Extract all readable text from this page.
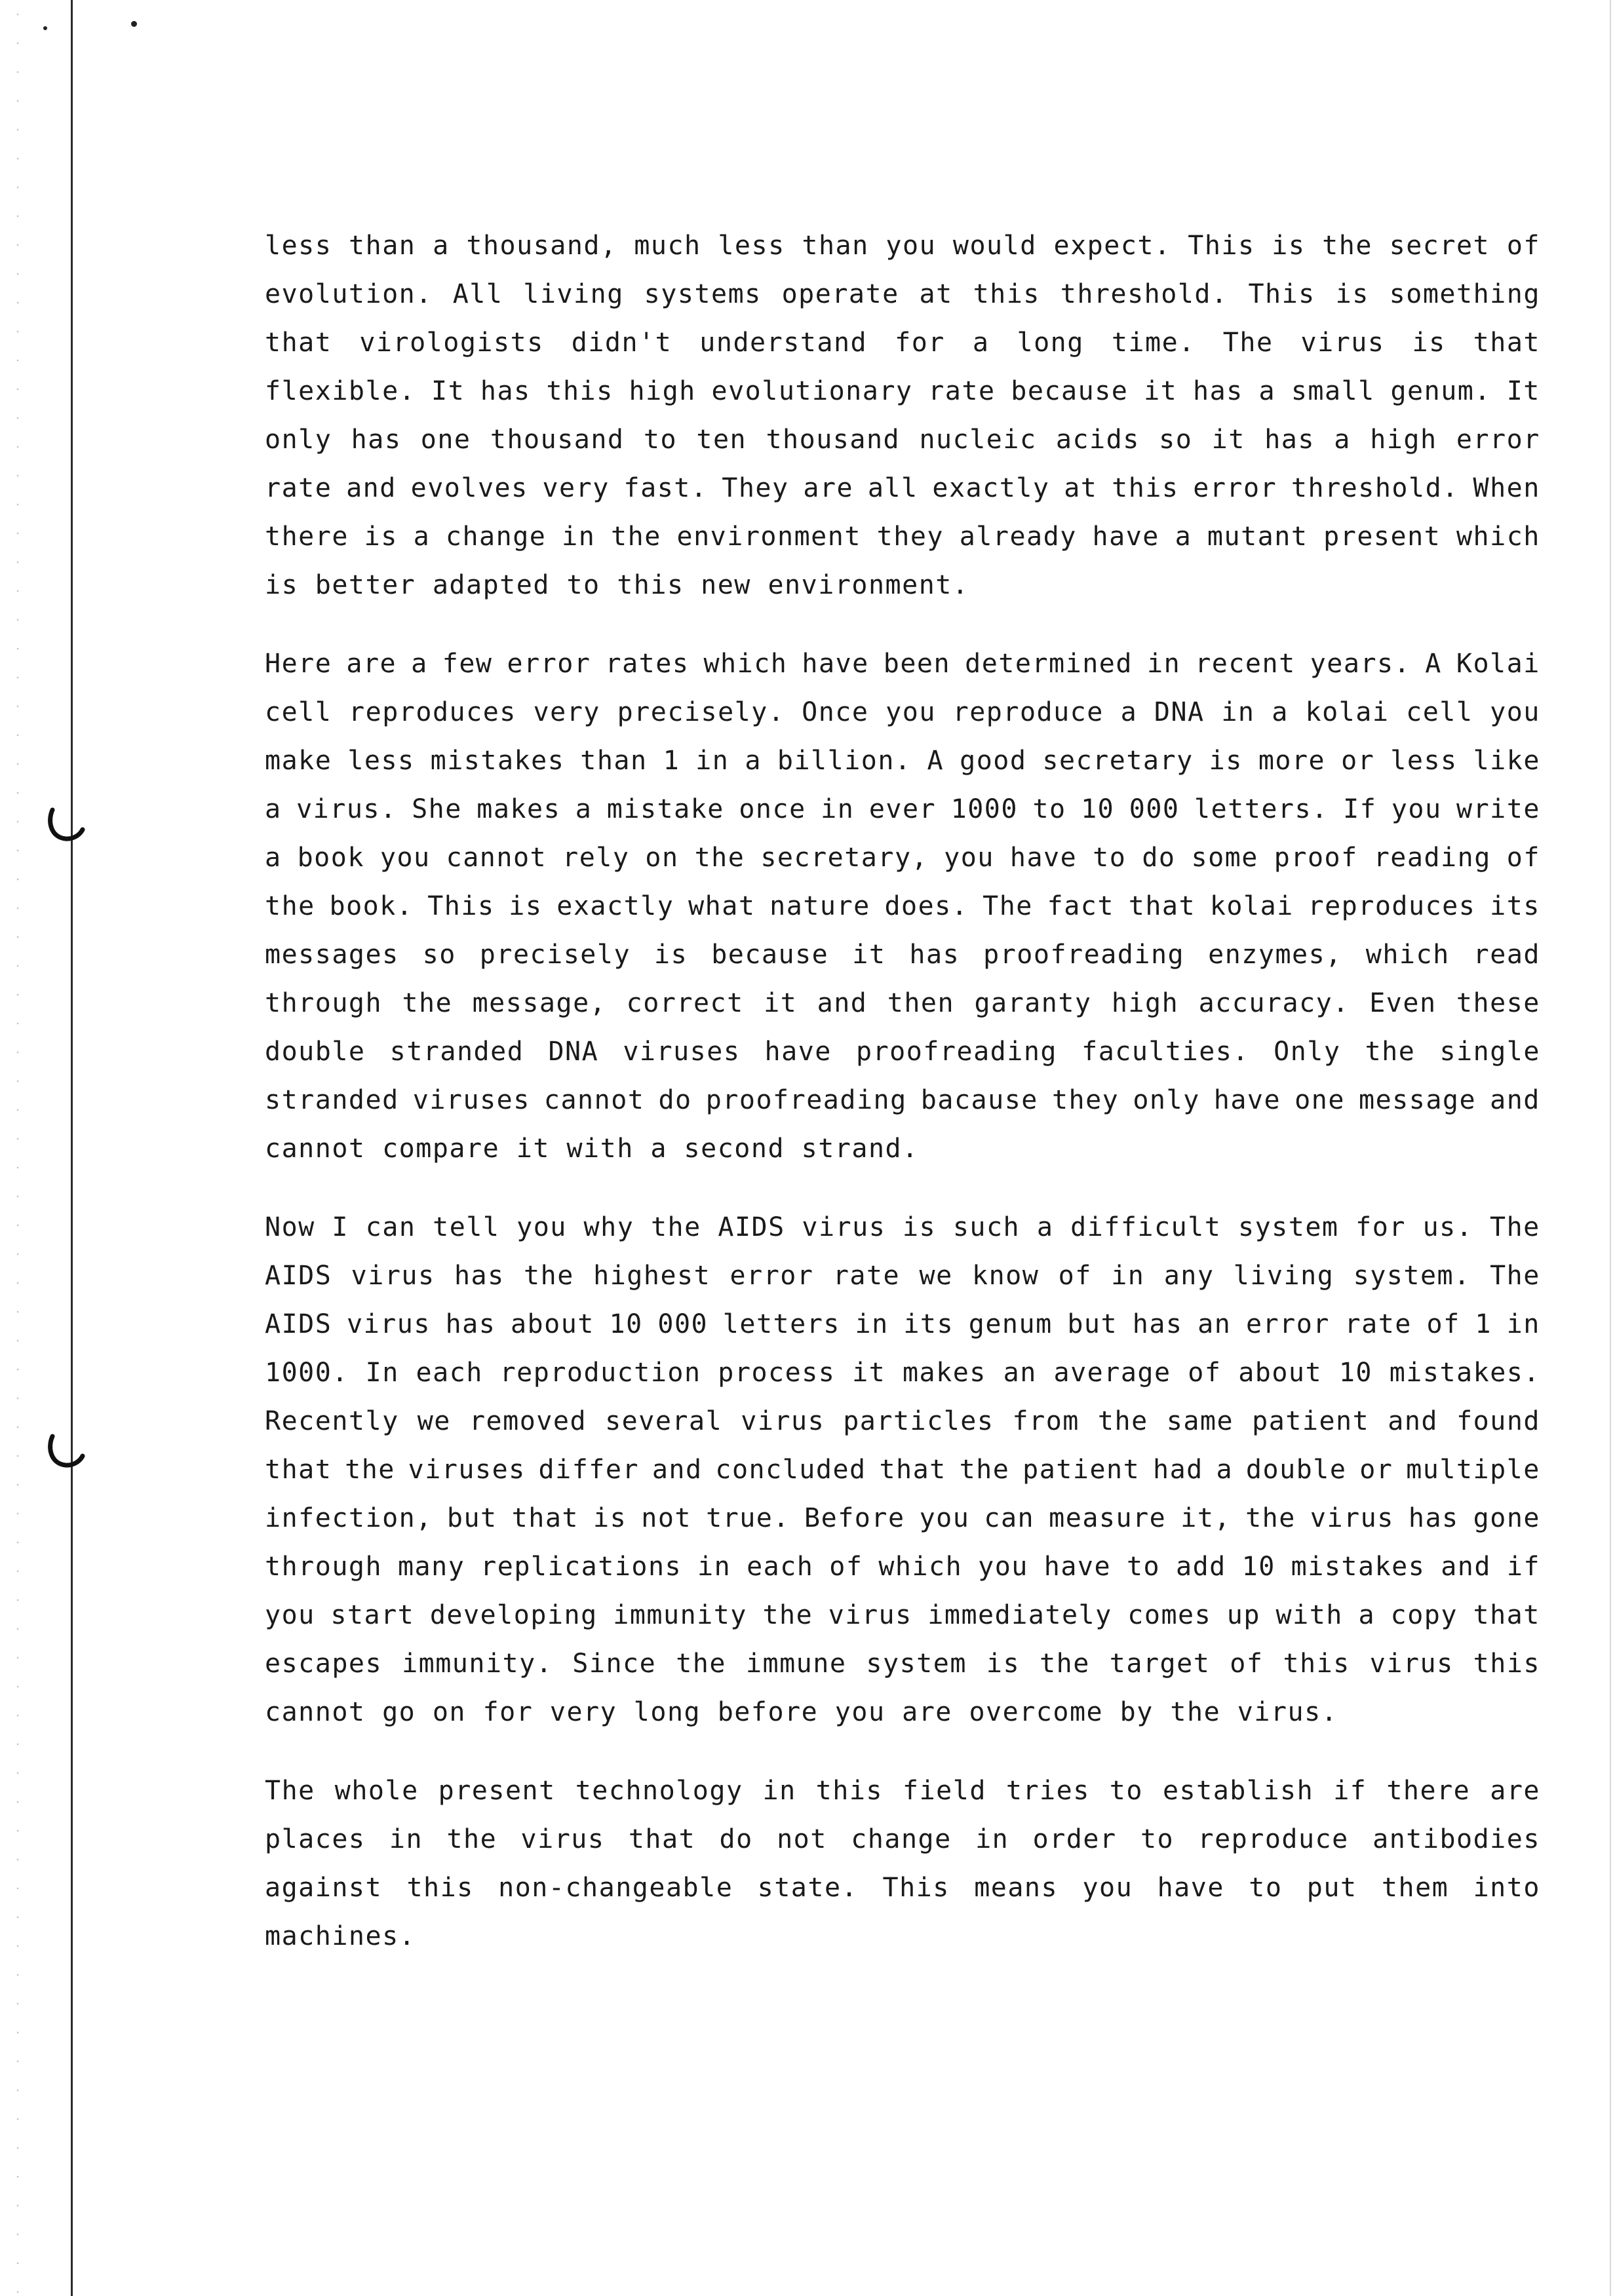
less than a thousand, much less than you would expect. This is the secret of
evolution. All living systems operate at this threshold. This is something
that virologists didn't understand for a long time. The virus is that
flexible. It has this high evolutionary rate because it has a small genum. It
only has one thousand to ten thousand nucleic acids so it has a high error
rate and evolves very fast. They are all exactly at this error threshold. When
there is a change in the environment they already have a mutant present which
is better adapted to this new environment.
Here are a few error rates which have been determined in recent years. A Kolai
cell reproduces very precisely. Once you reproduce a DNA in a kolai cell you
make less mistakes than 1 in a billion. A good secretary is more or less like
a virus. She makes a mistake once in ever 1000 to 10 000 letters. If you write
a book you cannot rely on the secretary, you have to do some proof reading of
the book. This is exactly what nature does. The fact that kolai reproduces its
messages so precisely is because it has proofreading enzymes, which read
through the message, correct it and then garanty high accuracy. Even these
double stranded DNA viruses have proofreading faculties. Only the single
stranded viruses cannot do proofreading bacause they only have one message and
cannot compare it with a second strand.
Now I can tell you why the AIDS virus is such a difficult system for us. The
AIDS virus has the highest error rate we know of in any living system. The
AIDS virus has about 10 000 letters in its genum but has an error rate of 1 in
1000. In each reproduction process it makes an average of about 10 mistakes.
Recently we removed several virus particles from the same patient and found
that the viruses differ and concluded that the patient had a double or multiple
infection, but that is not true. Before you can measure it, the virus has gone
through many replications in each of which you have to add 10 mistakes and if
you start developing immunity the virus immediately comes up with a copy that
escapes immunity. Since the immune system is the target of this virus this
cannot go on for very long before you are overcome by the virus.
The whole present technology in this field tries to establish if there are
places in the virus that do not change in order to reproduce antibodies
against this non-changeable state. This means you have to put them into
machines.
